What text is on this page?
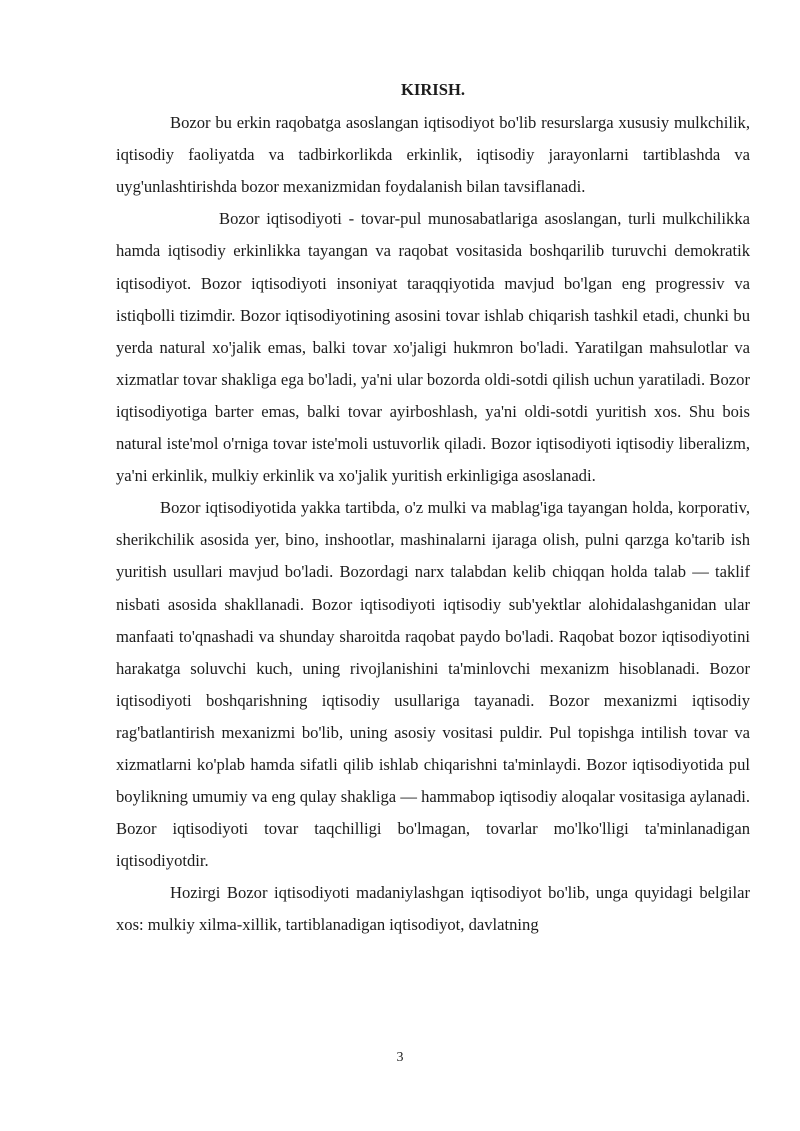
KIRISH.

Bozor bu erkin raqobatga asoslangan iqtisodiyot bo'lib resurslarga xususiy mulkchilik, iqtisodiy faoliyatda va tadbirkorlikda erkinlik, iqtisodiy jarayonlarni tartiblashda va uyg'unlashtirishda bozor mexanizmidan foydalanish bilan tavsiflanadi.

Bozor iqtisodiyoti - tovar-pul munosabatlariga asoslangan, turli mulkchilikka hamda iqtisodiy erkinlikka tayangan va raqobat vositasida boshqarilib turuvchi demokratik iqtisodiyot. Bozor iqtisodiyoti insoniyat taraqqiyotida mavjud bo'lgan eng progressiv va istiqbolli tizimdir. Bozor iqtisodiyotining asosini tovar ishlab chiqarish tashkil etadi, chunki bu yerda natural xo'jalik emas, balki tovar xo'jaligi hukmron bo'ladi. Yaratilgan mahsulotlar va xizmatlar tovar shakliga ega bo'ladi, ya'ni ular bozorda oldi-sotdi qilish uchun yaratiladi. Bozor iqtisodiyotiga barter emas, balki tovar ayirboshlash, ya'ni oldi-sotdi yuritish xos. Shu bois natural iste'mol o'rniga tovar iste'moli ustuvorlik qiladi. Bozor iqtisodiyoti iqtisodiy liberalizm, ya'ni erkinlik, mulkiy erkinlik va xo'jalik yuritish erkinligiga asoslanadi.

Bozor iqtisodiyotida yakka tartibda, o'z mulki va mablag'iga tayangan holda, korporativ, sherikchilik asosida yer, bino, inshootlar, mashinalarni ijaraga olish, pulni qarzga ko'tarib ish yuritish usullari mavjud bo'ladi. Bozordagi narx talabdan kelib chiqqan holda talab — taklif nisbati asosida shakllanadi. Bozor iqtisodiyoti iqtisodiy sub'yektlar alohidalashganidan ular manfaati to'qnashadi va shunday sharoitda raqobat paydo bo'ladi. Raqobat bozor iqtisodiyotini harakatga soluvchi kuch, uning rivojlanishini ta'minlovchi mexanizm hisoblanadi. Bozor iqtisodiyoti boshqarishning iqtisodiy usullariga tayanadi. Bozor mexanizmi iqtisodiy rag'batlantirish mexanizmi bo'lib, uning asosiy vositasi puldir. Pul topishga intilish tovar va xizmatlarni ko'plab hamda sifatli qilib ishlab chiqarishni ta'minlaydi. Bozor iqtisodiyotida pul boylikning umumiy va eng qulay shakliga — hammabop iqtisodiy aloqalar vositasiga aylanadi. Bozor iqtisodiyoti tovar taqchilligi bo'lmagan, tovarlar mo'lko'lligi ta'minlanadigan iqtisodiyotdir.

Hozirgi Bozor iqtisodiyoti madaniylashgan iqtisodiyot bo'lib, unga quyidagi belgilar xos: mulkiy xilma-xillik, tartiblanadigan iqtisodiyot, davlatning

3
